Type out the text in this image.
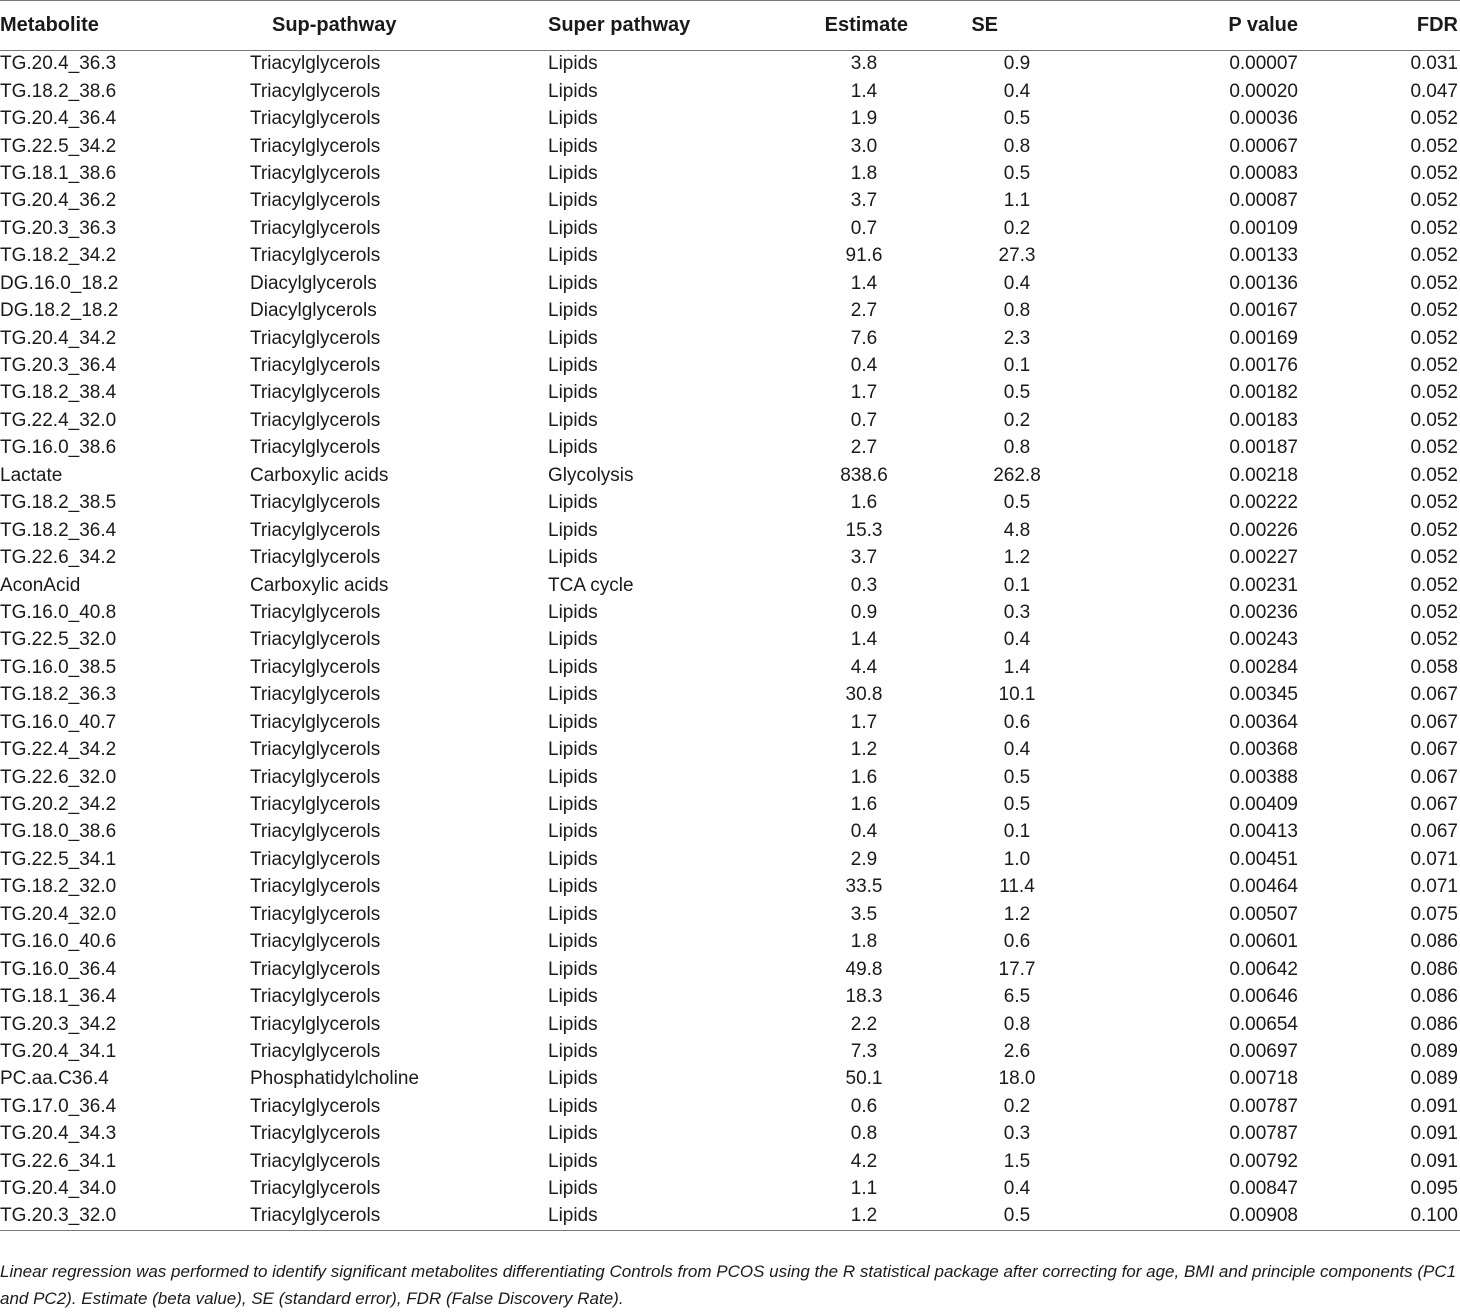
Metabolite	Sup-pathway	Super pathway	Estimate	SE	P value	FDR
TG.20.4_36.3	Triacylglycerols	Lipids	3.8	0.9	0.00007	0.031
TG.18.2_38.6	Triacylglycerols	Lipids	1.4	0.4	0.00020	0.047
TG.20.4_36.4	Triacylglycerols	Lipids	1.9	0.5	0.00036	0.052
TG.22.5_34.2	Triacylglycerols	Lipids	3.0	0.8	0.00067	0.052
TG.18.1_38.6	Triacylglycerols	Lipids	1.8	0.5	0.00083	0.052
TG.20.4_36.2	Triacylglycerols	Lipids	3.7	1.1	0.00087	0.052
TG.20.3_36.3	Triacylglycerols	Lipids	0.7	0.2	0.00109	0.052
TG.18.2_34.2	Triacylglycerols	Lipids	91.6	27.3	0.00133	0.052
DG.16.0_18.2	Diacylglycerols	Lipids	1.4	0.4	0.00136	0.052
DG.18.2_18.2	Diacylglycerols	Lipids	2.7	0.8	0.00167	0.052
TG.20.4_34.2	Triacylglycerols	Lipids	7.6	2.3	0.00169	0.052
TG.20.3_36.4	Triacylglycerols	Lipids	0.4	0.1	0.00176	0.052
TG.18.2_38.4	Triacylglycerols	Lipids	1.7	0.5	0.00182	0.052
TG.22.4_32.0	Triacylglycerols	Lipids	0.7	0.2	0.00183	0.052
TG.16.0_38.6	Triacylglycerols	Lipids	2.7	0.8	0.00187	0.052
Lactate	Carboxylic acids	Glycolysis	838.6	262.8	0.00218	0.052
TG.18.2_38.5	Triacylglycerols	Lipids	1.6	0.5	0.00222	0.052
TG.18.2_36.4	Triacylglycerols	Lipids	15.3	4.8	0.00226	0.052
TG.22.6_34.2	Triacylglycerols	Lipids	3.7	1.2	0.00227	0.052
AconAcid	Carboxylic acids	TCA cycle	0.3	0.1	0.00231	0.052
TG.16.0_40.8	Triacylglycerols	Lipids	0.9	0.3	0.00236	0.052
TG.22.5_32.0	Triacylglycerols	Lipids	1.4	0.4	0.00243	0.052
TG.16.0_38.5	Triacylglycerols	Lipids	4.4	1.4	0.00284	0.058
TG.18.2_36.3	Triacylglycerols	Lipids	30.8	10.1	0.00345	0.067
TG.16.0_40.7	Triacylglycerols	Lipids	1.7	0.6	0.00364	0.067
TG.22.4_34.2	Triacylglycerols	Lipids	1.2	0.4	0.00368	0.067
TG.22.6_32.0	Triacylglycerols	Lipids	1.6	0.5	0.00388	0.067
TG.20.2_34.2	Triacylglycerols	Lipids	1.6	0.5	0.00409	0.067
TG.18.0_38.6	Triacylglycerols	Lipids	0.4	0.1	0.00413	0.067
TG.22.5_34.1	Triacylglycerols	Lipids	2.9	1.0	0.00451	0.071
TG.18.2_32.0	Triacylglycerols	Lipids	33.5	11.4	0.00464	0.071
TG.20.4_32.0	Triacylglycerols	Lipids	3.5	1.2	0.00507	0.075
TG.16.0_40.6	Triacylglycerols	Lipids	1.8	0.6	0.00601	0.086
TG.16.0_36.4	Triacylglycerols	Lipids	49.8	17.7	0.00642	0.086
TG.18.1_36.4	Triacylglycerols	Lipids	18.3	6.5	0.00646	0.086
TG.20.3_34.2	Triacylglycerols	Lipids	2.2	0.8	0.00654	0.086
TG.20.4_34.1	Triacylglycerols	Lipids	7.3	2.6	0.00697	0.089
PC.aa.C36.4	Phosphatidylcholine	Lipids	50.1	18.0	0.00718	0.089
TG.17.0_36.4	Triacylglycerols	Lipids	0.6	0.2	0.00787	0.091
TG.20.4_34.3	Triacylglycerols	Lipids	0.8	0.3	0.00787	0.091
TG.22.6_34.1	Triacylglycerols	Lipids	4.2	1.5	0.00792	0.091
TG.20.4_34.0	Triacylglycerols	Lipids	1.1	0.4	0.00847	0.095
TG.20.3_32.0	Triacylglycerols	Lipids	1.2	0.5	0.00908	0.100
Linear regression was performed to identify significant metabolites differentiating Controls from PCOS using the R statistical package after correcting for age, BMI and principle components (PC1 and PC2). Estimate (beta value), SE (standard error), FDR (False Discovery Rate).
